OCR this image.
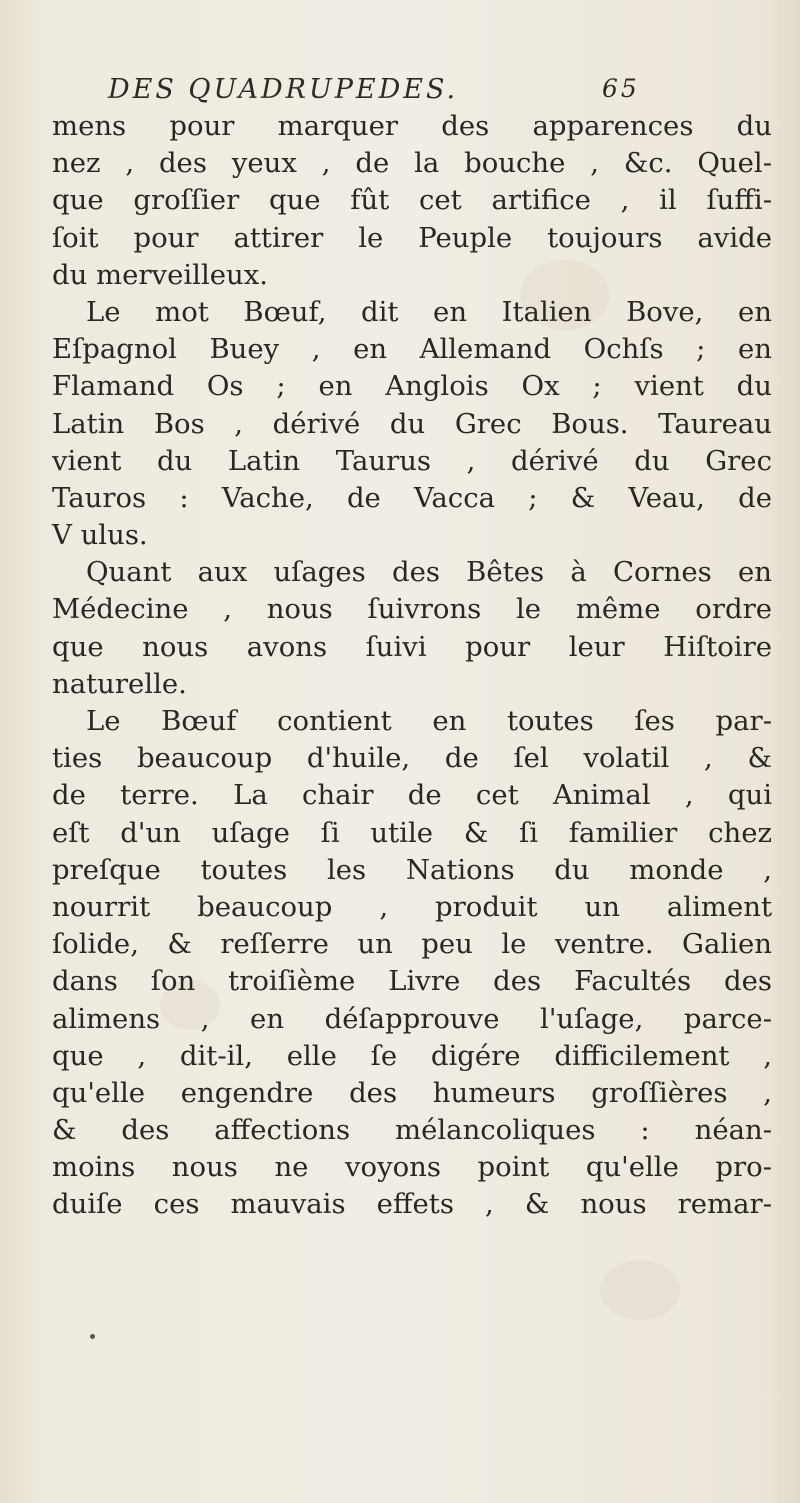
DES QUADRUPEDES.	65
mens pour marquer des apparences du
nez , des yeux , de la bouche , &c. Quel-
que groſſier que fût cet artifice , il ſuffi-
ſoit pour attirer le Peuple toujours avide
du merveilleux.
Le mot Bœuf, dit en Italien Bove, en
Eſpagnol Buey , en Allemand Ochſs ; en
Flamand Os ; en Anglois Ox ; vient du
Latin Bos , dérivé du Grec Bous. Taureau
vient du Latin Taurus , dérivé du Grec
Tauros : Vache, de Vacca ; & Veau, de
V ulus.
Quant aux uſages des Bêtes à Cornes en
Médecine , nous ſuivrons le même ordre
que nous avons ſuivi pour leur Hiſtoire
naturelle.
Le Bœuf contient en toutes ſes par-
ties beaucoup d'huile, de ſel volatil , &
de terre. La chair de cet Animal , qui
eſt d'un uſage ſi utile & ſi familier chez
preſque toutes les Nations du monde ,
nourrit beaucoup , produit un aliment
ſolide, & reſſerre un peu le ventre. Galien
dans ſon troiſième Livre des Facultés des
alimens , en déſapprouve l'uſage, parce-
que , dit-il, elle ſe digére difficilement ,
qu'elle engendre des humeurs groſſières ,
& des affections mélancoliques : néan-
moins nous ne voyons point qu'elle pro-
duiſe ces mauvais effets , & nous remar-
